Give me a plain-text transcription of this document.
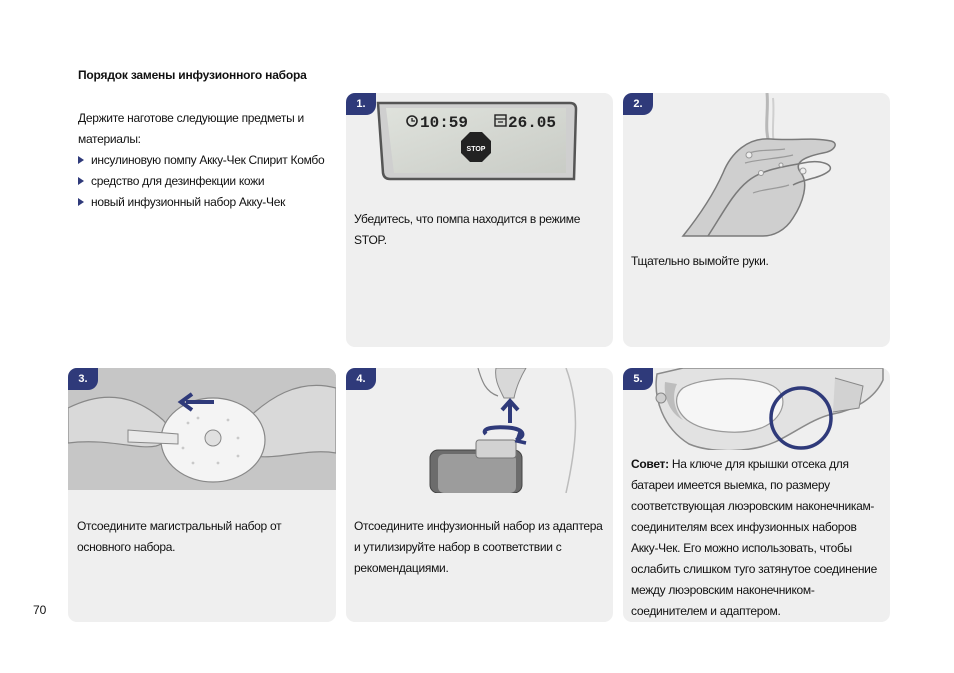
Порядок замены инфузионного набора
Держите наготове следующие предметы и материалы:
инсулиновую помпу Акку-Чек Спирит Комбо
средство для дезинфекции кожи
новый инфузионный набор Акку-Чек
1.
10:59 26.05
STOP
Убедитесь, что помпа находится в режиме STOP.
2.
Тщательно вымойте руки.
3.
Отсоедините магистральный набор от основного набора.
4.
Отсоедините инфузионный набор из адаптера и утилизируйте набор в соответствии с рекомендациями.
5.
Совет: На ключе для крышки отсека для батареи имеется выемка, по размеру соответствующая люэровским наконечникам-соединителям всех инфузионных наборов Акку-Чек. Его можно использовать, чтобы ослабить слишком туго затянутое соединение между люэровским наконечником-соединителем и адаптером.
70
